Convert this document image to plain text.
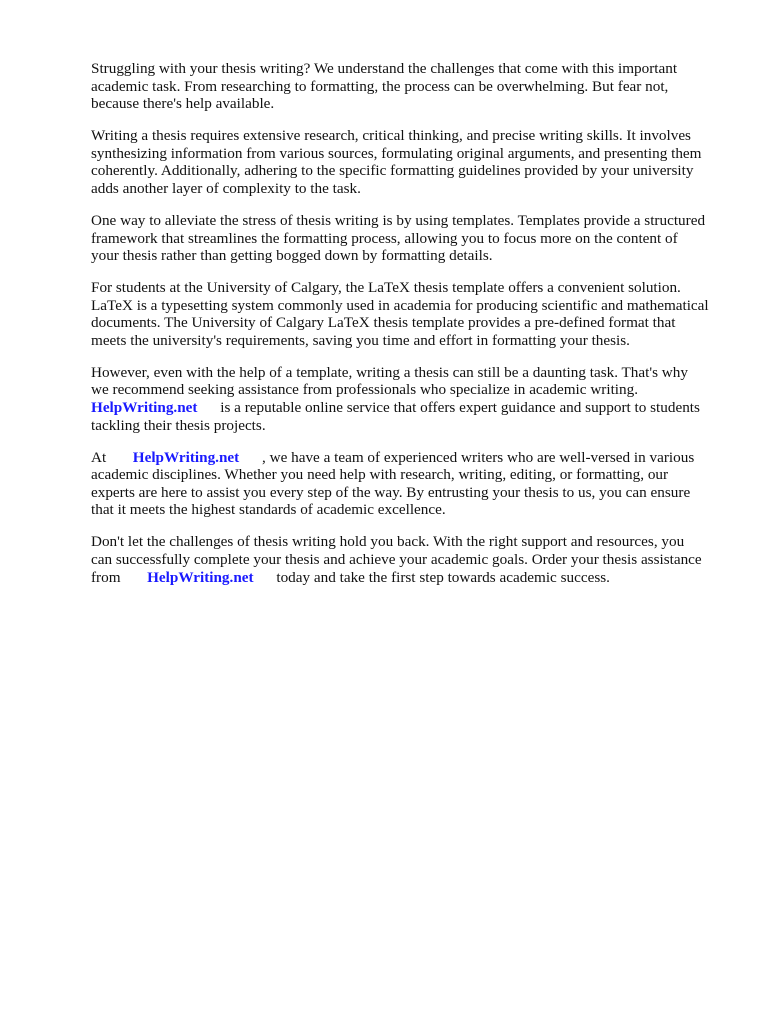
Struggling with your thesis writing? We understand the challenges that come with this important
academic task. From researching to formatting, the process can be overwhelming. But fear not,
because there's help available.

Writing a thesis requires extensive research, critical thinking, and precise writing skills. It involves
synthesizing information from various sources, formulating original arguments, and presenting them
coherently. Additionally, adhering to the specific formatting guidelines provided by your university
adds another layer of complexity to the task.

One way to alleviate the stress of thesis writing is by using templates. Templates provide a structured
framework that streamlines the formatting process, allowing you to focus more on the content of
your thesis rather than getting bogged down by formatting details.

For students at the University of Calgary, the LaTeX thesis template offers a convenient solution.
LaTeX is a typesetting system commonly used in academia for producing scientific and mathematical
documents. The University of Calgary LaTeX thesis template provides a pre-defined format that
meets the university's requirements, saving you time and effort in formatting your thesis.

However, even with the help of a template, writing a thesis can still be a daunting task. That's why
we recommend seeking assistance from professionals who specialize in academic writing.
HelpWriting.net      is a reputable online service that offers expert guidance and support to students
tackling their thesis projects.

At       HelpWriting.net      , we have a team of experienced writers who are well-versed in various
academic disciplines. Whether you need help with research, writing, editing, or formatting, our
experts are here to assist you every step of the way. By entrusting your thesis to us, you can ensure
that it meets the highest standards of academic excellence.

Don't let the challenges of thesis writing hold you back. With the right support and resources, you
can successfully complete your thesis and achieve your academic goals. Order your thesis assistance
from       HelpWriting.net      today and take the first step towards academic success.
